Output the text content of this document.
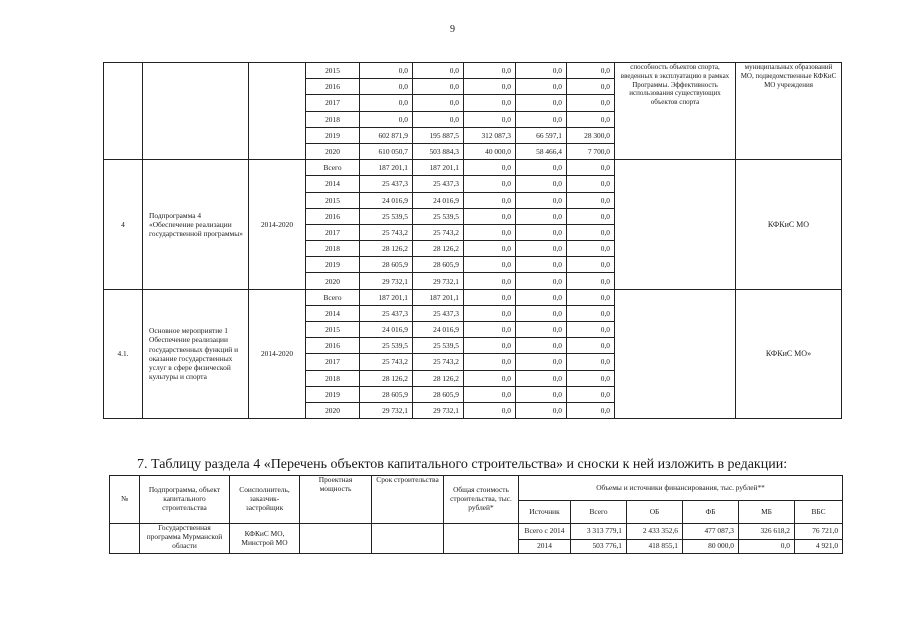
9
			2015	0,0	0,0	0,0	0,0	0,0	способность объектов спорта, введенных в эксплуатацию в рамках Программы. Эффективность использования существующих объектов спорта	муниципальных образований МО, подведомственные КФКиС МО учреждения
			2016	0,0	0,0	0,0	0,0	0,0		
			2017	0,0	0,0	0,0	0,0	0,0		
			2018	0,0	0,0	0,0	0,0	0,0		
			2019	602 871,9	195 887,5	312 087,3	66 597,1	28 300,0		
			2020	610 050,7	503 884,3	40 000,0	58 466,4	7 700,0		
4	Подпрограмма 4 «Обеспечение реализации государственной программы»	2014-2020	Всего	187 201,1	187 201,1	0,0	0,0	0,0		КФКиС МО
			2014	25 437,3	25 437,3	0,0	0,0	0,0		
			2015	24 016,9	24 016,9	0,0	0,0	0,0		
			2016	25 539,5	25 539,5	0,0	0,0	0,0		
			2017	25 743,2	25 743,2	0,0	0,0	0,0		
			2018	28 126,2	28 126,2	0,0	0,0	0,0		
			2019	28 605,9	28 605,9	0,0	0,0	0,0		
			2020	29 732,1	29 732,1	0,0	0,0	0,0		
4.1.	Основное мероприятие 1 Обеспечение реализации государственных функций и оказание государственных услуг в сфере физической культуры и спорта	2014-2020	Всего	187 201,1	187 201,1	0,0	0,0	0,0		КФКиС МО»
			2014	25 437,3	25 437,3	0,0	0,0	0,0		
			2015	24 016,9	24 016,9	0,0	0,0	0,0		
			2016	25 539,5	25 539,5	0,0	0,0	0,0		
			2017	25 743,2	25 743,2	0,0	0,0	0,0		
			2018	28 126,2	28 126,2	0,0	0,0	0,0		
			2019	28 605,9	28 605,9	0,0	0,0	0,0		
			2020	29 732,1	29 732,1	0,0	0,0	0,0		
7. Таблицу раздела 4 «Перечень объектов капитального строительства» и сноски к ней изложить в редакции:
№	Подпрограмма, объект капитального строительства	Соисполнитель, заказчик-застройщик	Проектная мощность	Срок строительства	Общая стоимость строительства, тыс. рублей*	Объемы и источники финансирования, тыс. рублей**					
						Источник	Всего	ОБ	ФБ	МБ	ВБС
	Государственная программа Мурманской области	КФКиС МО, Минстрой МО				Всего с 2014	3 313 779,1	2 433 352,6	477 087,3	326 618,2	76 721,0
						2014	503 776,1	418 855,1	80 000,0	0,0	4 921,0
